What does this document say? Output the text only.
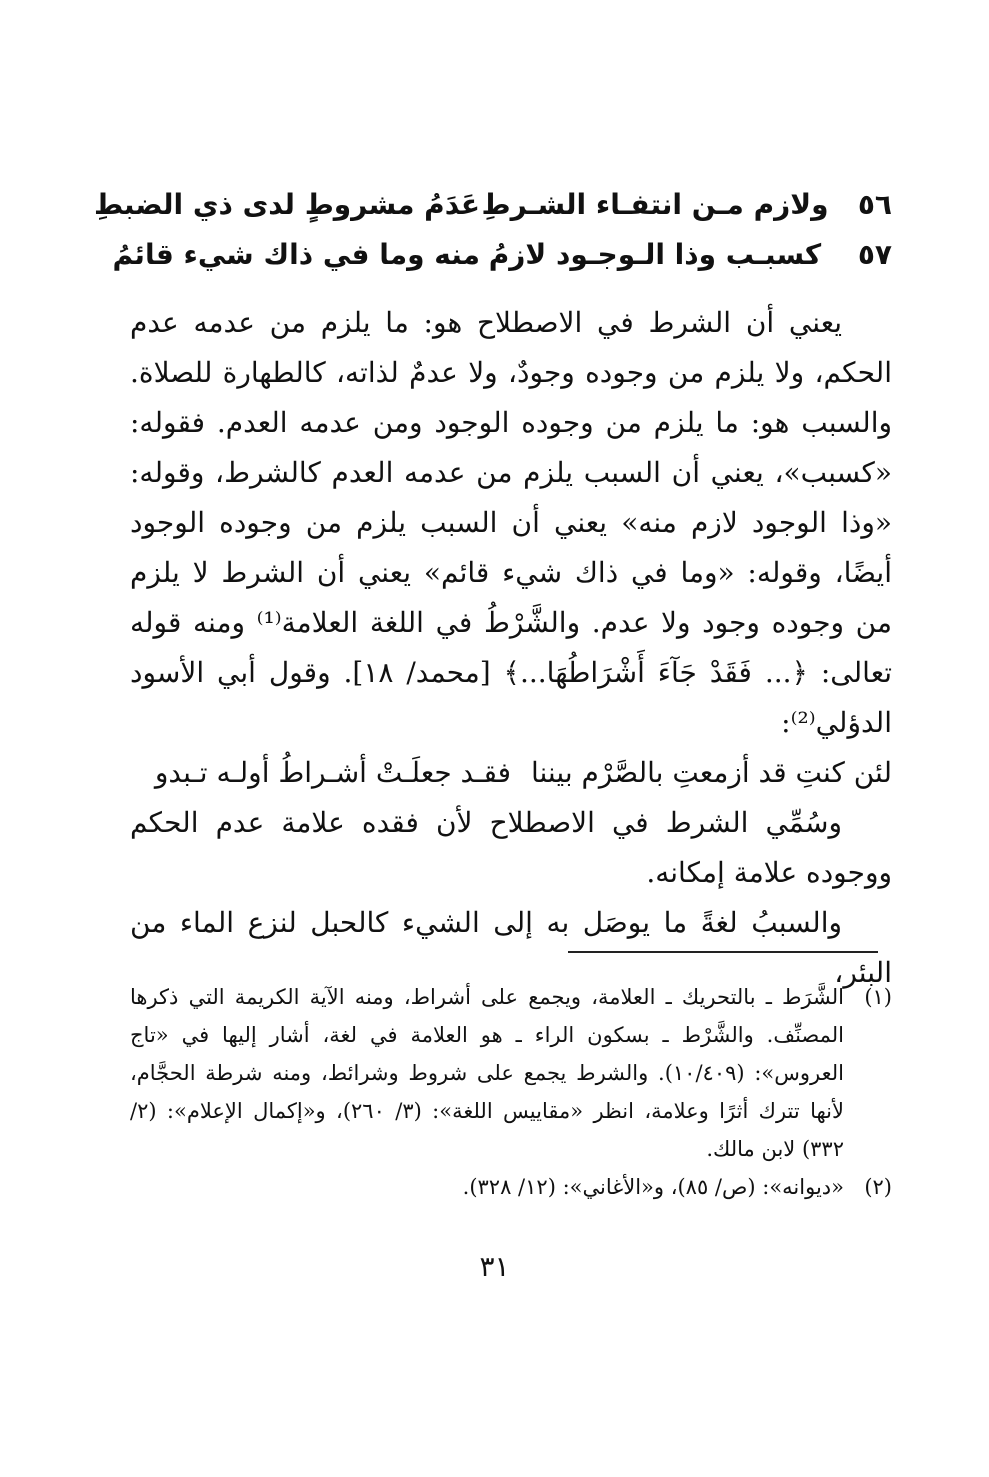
٥٦
ولازم مـن انتفـاء الشـرطِ
عَدَمُ مشروطٍ لدى ذي الضبطِ
٥٧
كسبـب وذا الـوجـود لازمُ
منه وما في ذاك شيء قائمُ

يعني أن الشرط في الاصطلاح هو: ما يلزم من عدمه عدم الحكم، ولا يلزم من وجوده وجودٌ، ولا عدمٌ لذاته، كالطهارة للصلاة. والسبب هو: ما يلزم من وجوده الوجود ومن عدمه العدم. فقوله: «كسبب»، يعني أن السبب يلزم من عدمه العدم كالشرط، وقوله: «وذا الوجود لازم منه» يعني أن السبب يلزم من وجوده الوجود أيضًا، وقوله: «وما في ذاك شيء قائم» يعني أن الشرط لا يلزم من وجوده وجود ولا عدم. والشَّرْطُ في اللغة العلامة⁽¹⁾ ومنه قوله تعالى: ﴿... فَقَدْ جَآءَ أَشْرَاطُهَا...﴾ [محمد/ ١٨]. وقول أبي الأسود الدؤلي⁽²⁾:

لئن كنتِ قد أزمعتِ بالصَّرْم بيننا
فقـد جعلَـتْ أشـراطُ أولـه تـبدو

وسُمِّي الشرط في الاصطلاح لأن فقده علامة عدم الحكم ووجوده علامة إمكانه.

والسببُ لغةً ما يوصَل به إلى الشيء كالحبل لنزع الماء من البئر،

(١)
الشَّرَط ـ بالتحريك ـ العلامة، ويجمع على أشراط، ومنه الآية الكريمة التي ذكرها المصنِّف. والشَّرْط ـ بسكون الراء ـ هو العلامة في لغة، أشار إليها في «تاج العروس»: (١٠/٤٠٩). والشرط يجمع على شروط وشرائط، ومنه شرطة الحجَّام، لأنها تترك أثرًا وعلامة، انظر «مقاييس اللغة»: (٣/ ٢٦٠)، و«إكمال الإعلام»: (٢/ ٣٣٢) لابن مالك.
(٢)
«ديوانه»: (ص/ ٨٥)، و«الأغاني»: (١٢/ ٣٢٨).
٣١
